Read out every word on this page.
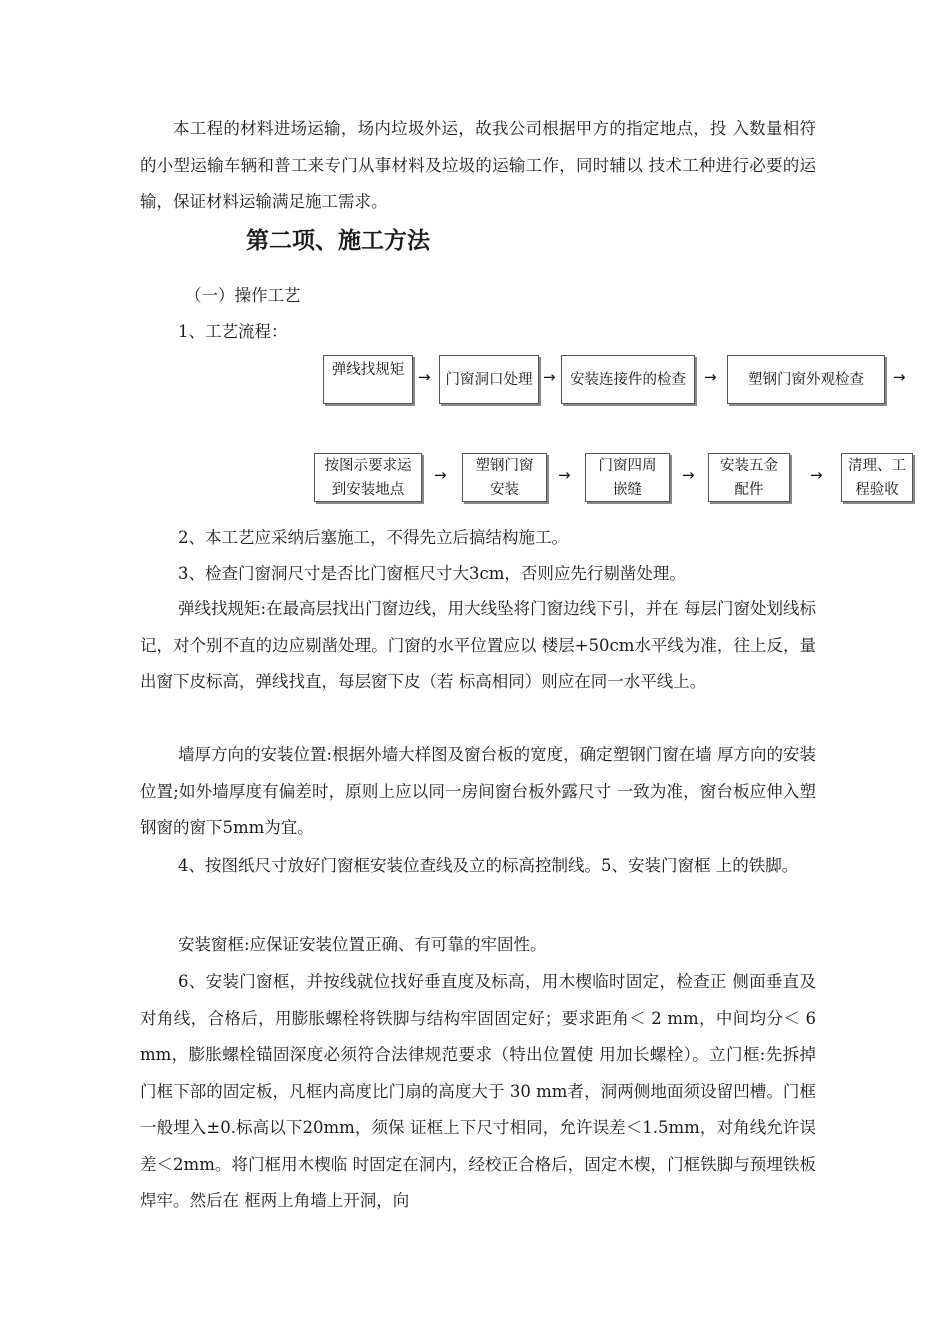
本工程的材料进场运输，场内垃圾外运，故我公司根据甲方的指定地点，投 入数量相符的小型运输车辆和普工来专门从事材料及垃圾的运输工作，同时辅以 技术工种进行必要的运输，保证材料运输满足施工需求。

第二项、施工方法

（一）操作工艺

1、工艺流程：

弹线找规矩 → 门窗洞口处理 → 安装连接件的检查 → 塑钢门窗外观检查 →
按图示要求运
到安装地点
→
塑钢门窗
安装
→
门窗四周
嵌缝
→
安装五金
配件
→
清理、工
程验收

2、本工艺应采纳后塞施工，不得先立后搞结构施工。

3、检查门窗洞尺寸是否比门窗框尺寸大3cm，否则应先行剔凿处理。

弹线找规矩:在最高层找出门窗边线，用大线坠将门窗边线下引，并在 每层门窗处划线标记，对个别不直的边应剔凿处理。门窗的水平位置应以 楼层+50cm水平线为准，往上反，量出窗下皮标高，弹线找直，每层窗下皮（若 标高相同）则应在同一水平线上。

墙厚方向的安装位置:根据外墙大样图及窗台板的宽度，确定塑钢门窗在墙 厚方向的安装位置;如外墙厚度有偏差时，原则上应以同一房间窗台板外露尺寸 一致为准，窗台板应伸入塑钢窗的窗下5mm为宜。

4、按图纸尺寸放好门窗框安装位查线及立的标高控制线。5、安装门窗框 上的铁脚。

安装窗框:应保证安装位置正确、有可靠的牢固性。

6、安装门窗框，并按线就位找好垂直度及标高，用木楔临时固定，检查正 侧面垂直及对角线，合格后，用膨胀螺栓将铁脚与结构牢固固定好；要求距角＜ 2 mm，中间均分＜ 6 mm，膨胀螺栓锚固深度必须符合法律规范要求（特出位置使 用加长螺栓）。立门框:先拆掉门框下部的固定板，凡框内高度比门扇的高度大于 30 mm者，洞两侧地面须设留凹槽。门框一般埋入±0.标高以下20mm，须保 证框上下尺寸相同，允许误差＜1.5mm，对角线允许误差＜2mm。将门框用木楔临 时固定在洞内，经校正合格后，固定木楔，门框铁脚与预埋铁板焊牢。然后在 框两上角墙上开洞，向
